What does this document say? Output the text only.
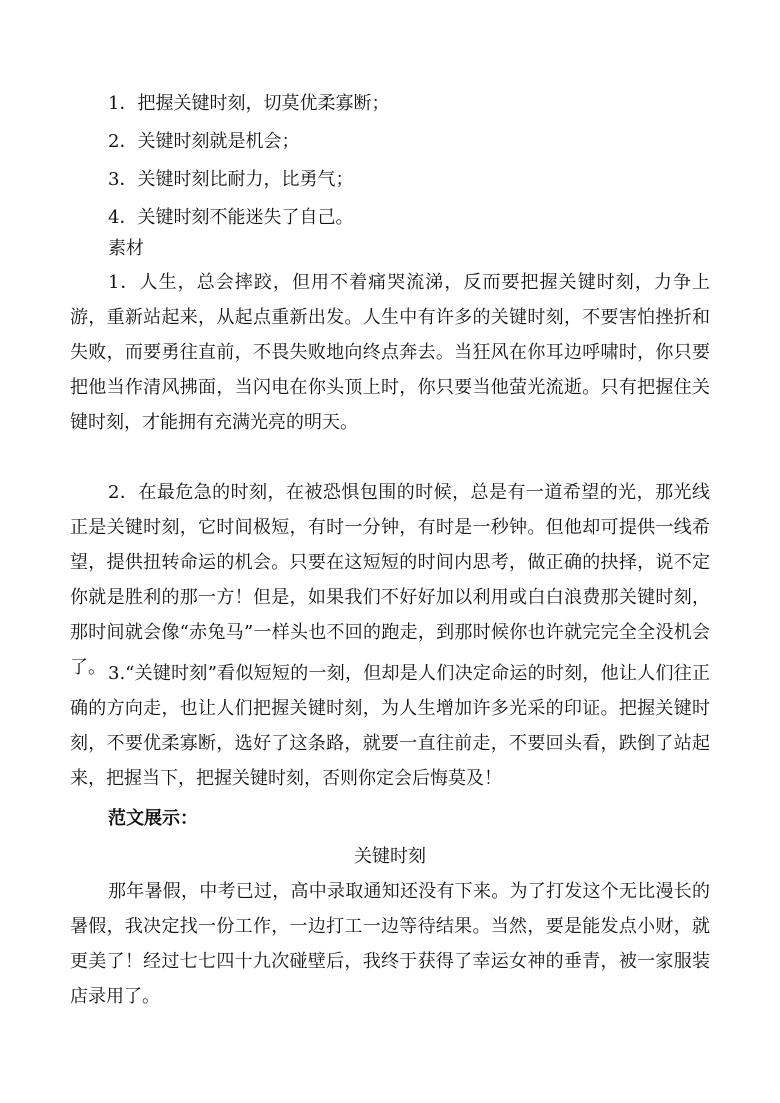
1．把握关键时刻，切莫优柔寡断；
2．关键时刻就是机会；
3．关键时刻比耐力，比勇气；
4．关键时刻不能迷失了自己。
素材

1．人生，总会摔跤，但用不着痛哭流涕，反而要把握关键时刻，力争上游，重新站起来，从起点重新出发。人生中有许多的关键时刻，不要害怕挫折和失败，而要勇往直前，不畏失败地向终点奔去。当狂风在你耳边呼啸时，你只要把他当作清风拂面，当闪电在你头顶上时，你只要当他萤光流逝。只有把握住关键时刻，才能拥有充满光亮的明天。

2．在最危急的时刻，在被恐惧包围的时候，总是有一道希望的光，那光线正是关键时刻，它时间极短，有时一分钟，有时是一秒钟。但他却可提供一线希望，提供扭转命运的机会。只要在这短短的时间内思考，做正确的抉择，说不定你就是胜利的那一方！但是，如果我们不好好加以利用或白白浪费那关键时刻，那时间就会像“赤兔马”一样头也不回的跑走，到那时候你也许就完完全全没机会了。 3.“关键时刻”看似短短的一刻，但却是人们决定命运的时刻，他让人们往正确的方向走，也让人们把握关键时刻，为人生增加许多光采的印证。把握关键时刻，不要优柔寡断，选好了这条路，就要一直往前走，不要回头看，跌倒了站起来，把握当下，把握关键时刻，否则你定会后悔莫及！

范文展示：
关键时刻

那年暑假，中考已过，高中录取通知还没有下来。为了打发这个无比漫长的暑假，我决定找一份工作，一边打工一边等待结果。当然，要是能发点小财，就更美了！经过七七四十九次碰壁后，我终于获得了幸运女神的垂青，被一家服装店录用了。
